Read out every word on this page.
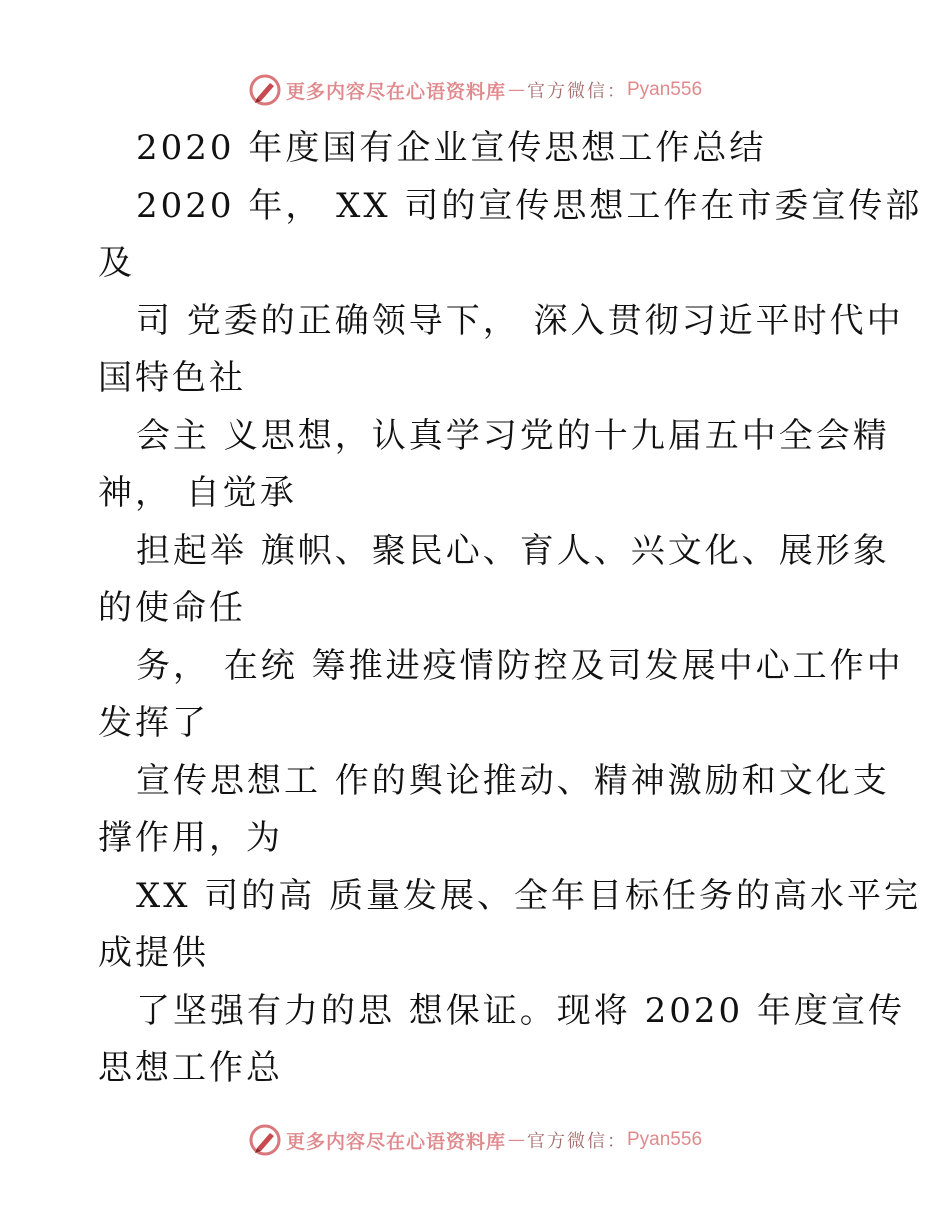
更多内容尽在心语资料库 — 官方微信： Pyan556
2020 年度国有企业宣传思想工作总结
2020 年， XX 司的宣传思想工作在市委宣传部
及
司 党委的正确领导下， 深入贯彻习近平时代中
国特色社
会主 义思想，认真学习党的十九届五中全会精
神， 自觉承
担起举 旗帜、聚民心、育人、兴文化、展形象
的使命任
务， 在统 筹推进疫情防控及司发展中心工作中
发挥了
宣传思想工 作的舆论推动、精神激励和文化支
撑作用，为
XX 司的高 质量发展、全年目标任务的高水平完
成提供
了坚强有力的思 想保证。现将 2020 年度宣传
思想工作总
更多内容尽在心语资料库 — 官方微信： Pyan556
